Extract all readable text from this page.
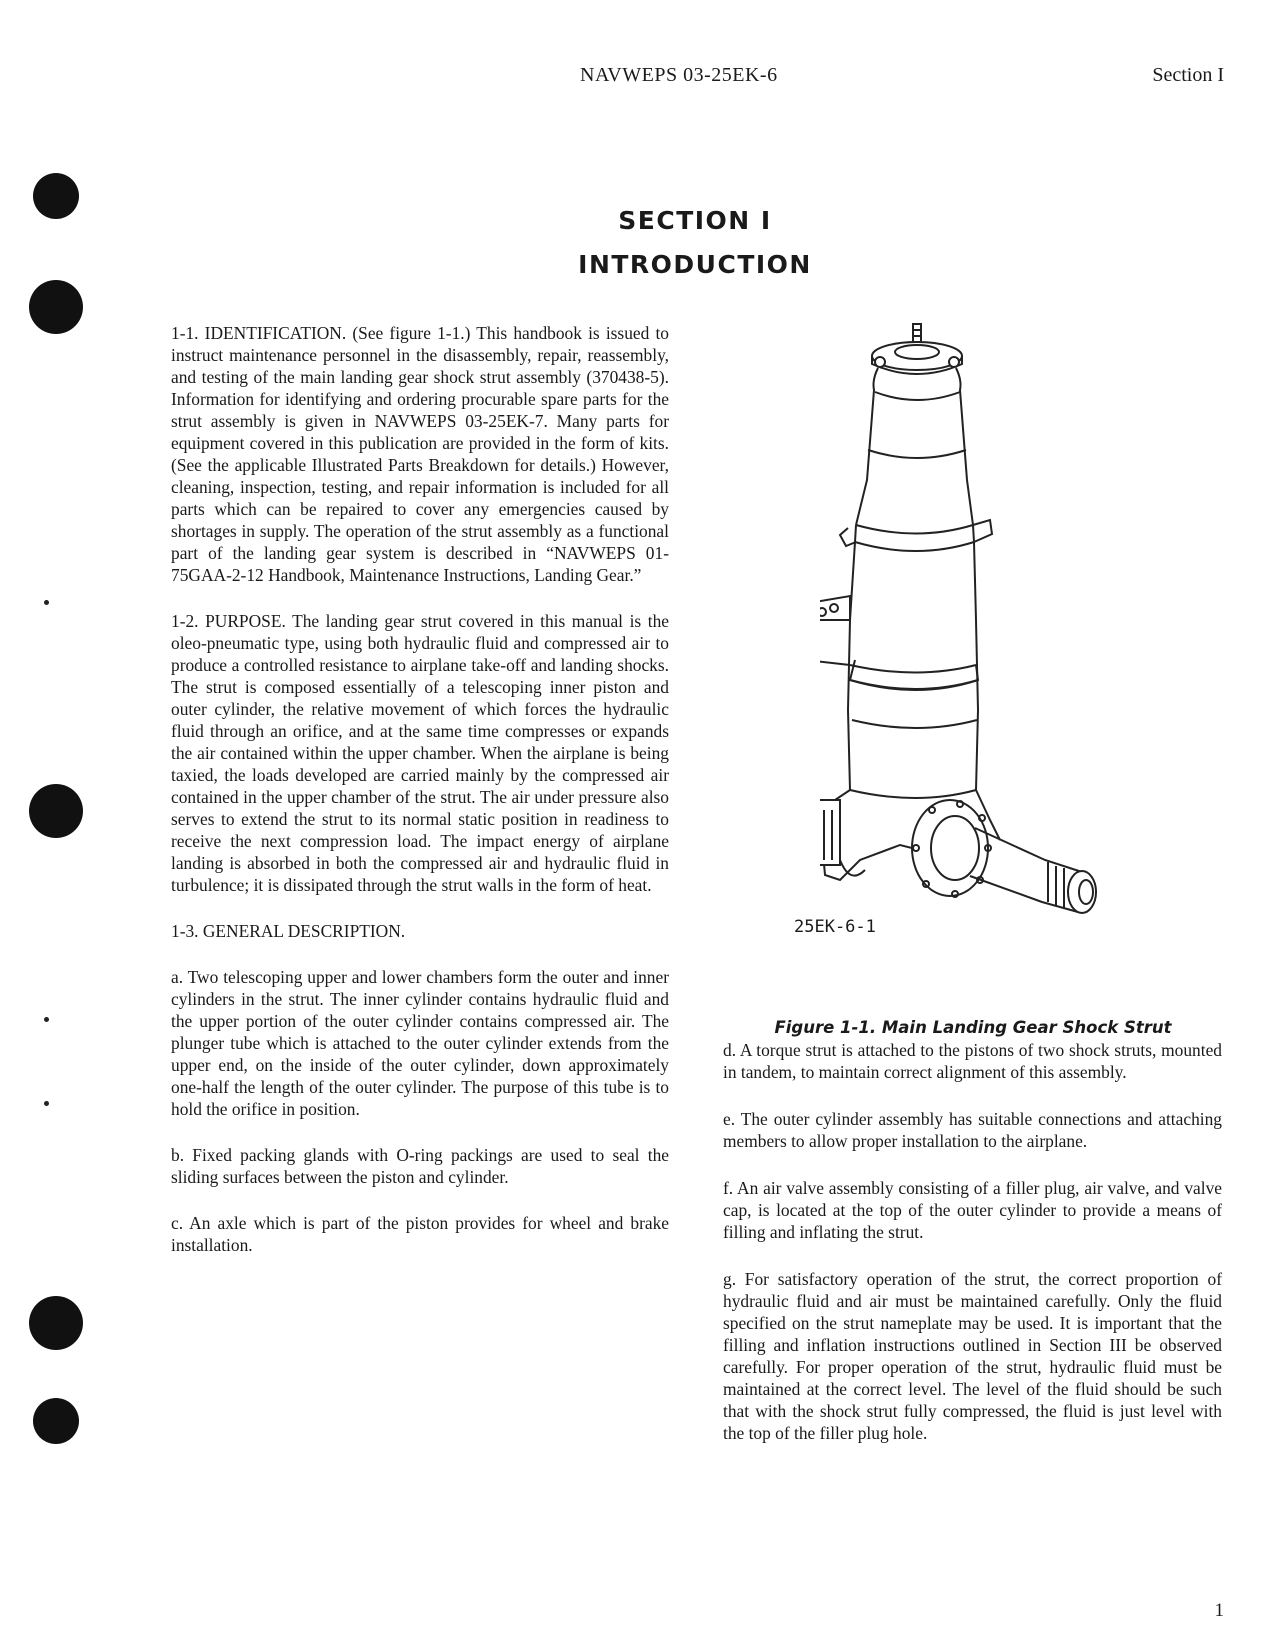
NAVWEPS 03-25EK-6	Section I
SECTION I
INTRODUCTION

1-1. IDENTIFICATION. (See figure 1-1.) This handbook is issued to instruct maintenance personnel in the disassembly, repair, reassembly, and testing of the main landing gear shock strut assembly (370438-5). Information for identifying and ordering procurable spare parts for the strut assembly is given in NAVWEPS 03-25EK-7. Many parts for equipment covered in this publication are provided in the form of kits. (See the applicable Illustrated Parts Breakdown for details.) However, cleaning, inspection, testing, and repair information is included for all parts which can be repaired to cover any emergencies caused by shortages in supply. The operation of the strut assembly as a functional part of the landing gear system is described in “NAVWEPS 01-75GAA-2-12 Handbook, Maintenance Instructions, Landing Gear.”

1-2. PURPOSE. The landing gear strut covered in this manual is the oleo-pneumatic type, using both hydraulic fluid and compressed air to produce a controlled resistance to airplane take-off and landing shocks. The strut is composed essentially of a telescoping inner piston and outer cylinder, the relative movement of which forces the hydraulic fluid through an orifice, and at the same time compresses or expands the air contained within the upper chamber. When the airplane is being taxied, the loads developed are carried mainly by the compressed air contained in the upper chamber of the strut. The air under pressure also serves to extend the strut to its normal static position in readiness to receive the next compression load. The impact energy of airplane landing is absorbed in both the compressed air and hydraulic fluid in turbulence; it is dissipated through the strut walls in the form of heat.

1-3. GENERAL DESCRIPTION.

a. Two telescoping upper and lower chambers form the outer and inner cylinders in the strut. The inner cylinder contains hydraulic fluid and the upper portion of the outer cylinder contains compressed air. The plunger tube which is attached to the outer cylinder extends from the upper end, on the inside of the outer cylinder, down approximately one-half the length of the outer cylinder. The purpose of this tube is to hold the orifice in position.

b. Fixed packing glands with O-ring packings are used to seal the sliding surfaces between the piston and cylinder.

c. An axle which is part of the piston provides for wheel and brake installation.

25EK-6-1
Figure 1-1. Main Landing Gear Shock Strut

d. A torque strut is attached to the pistons of two shock struts, mounted in tandem, to maintain correct alignment of this assembly.

e. The outer cylinder assembly has suitable connections and attaching members to allow proper installation to the airplane.

f. An air valve assembly consisting of a filler plug, air valve, and valve cap, is located at the top of the outer cylinder to provide a means of filling and inflating the strut.

g. For satisfactory operation of the strut, the correct proportion of hydraulic fluid and air must be maintained carefully. Only the fluid specified on the strut nameplate may be used. It is important that the filling and inflation instructions outlined in Section III be observed carefully. For proper operation of the strut, hydraulic fluid must be maintained at the correct level. The level of the fluid should be such that with the shock strut fully compressed, the fluid is just level with the top of the filler plug hole.

1
